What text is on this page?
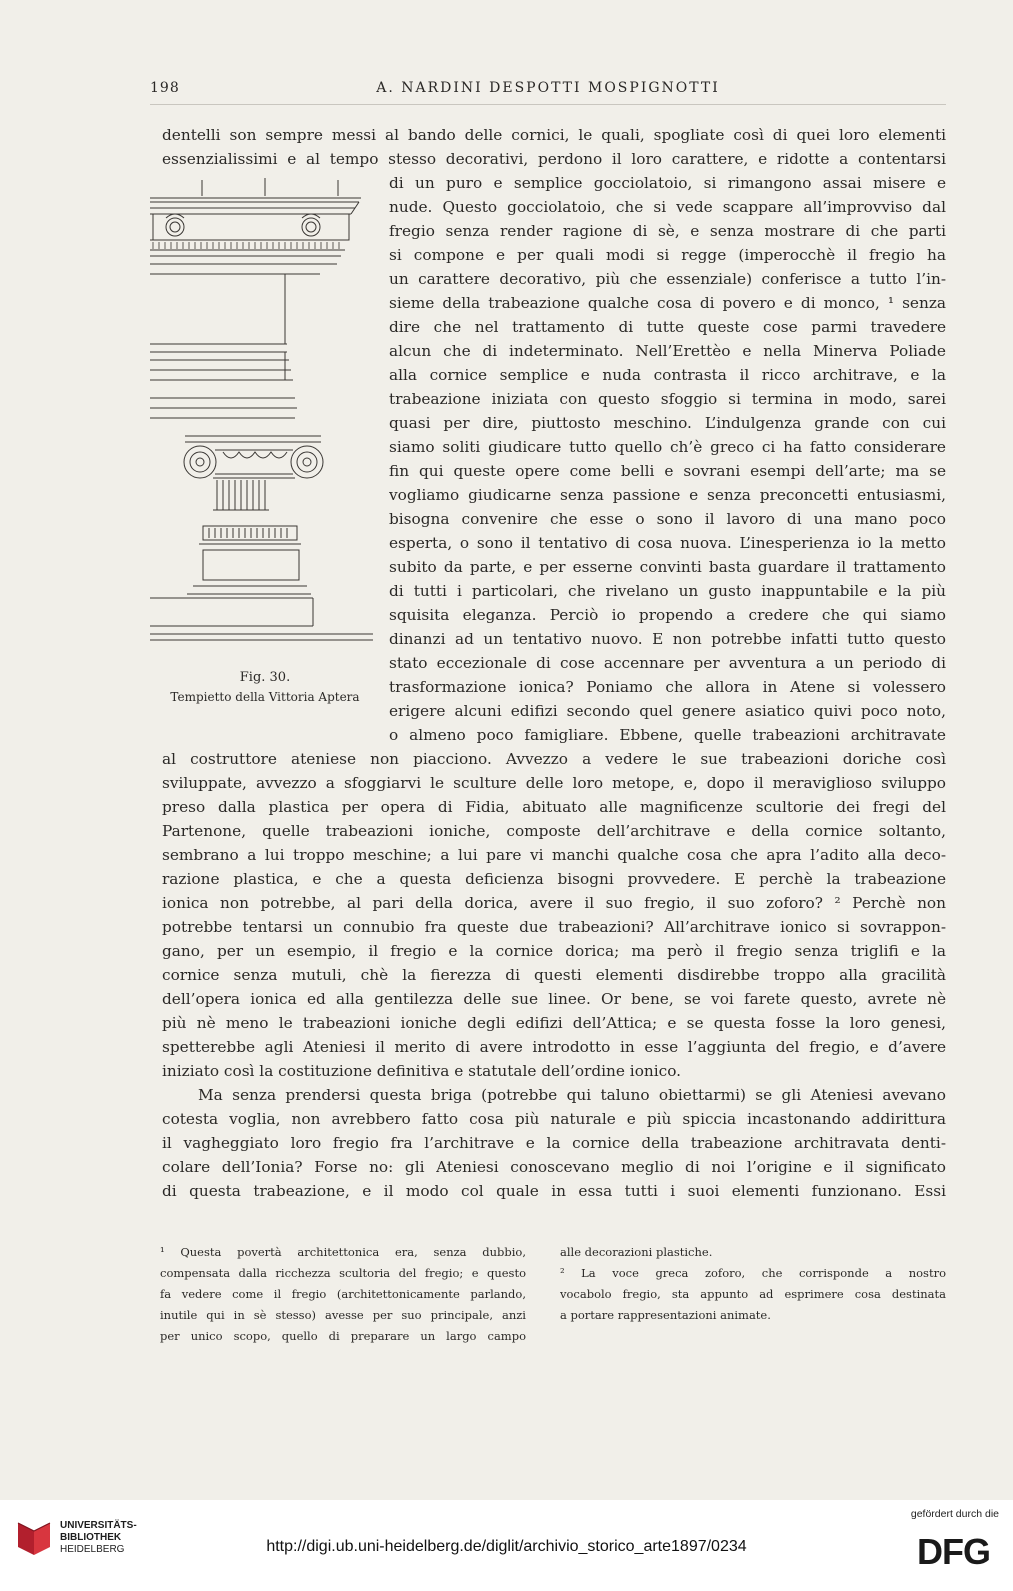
198	A. NARDINI DESPOTTI MOSPIGNOTTI
dentelli son sempre messi al bando delle cornici, le quali, spogliate così di quei loro elementi
essenzialissimi e al tempo stesso decorativi, perdono il loro carattere, e ridotte a contentarsi
di un puro e semplice gocciolatoio, si rimangono assai misere e
nude. Questo gocciolatoio, che si vede scappare all’improvviso dal
fregio senza render ragione di sè, e senza mostrare di che parti
si compone e per quali modi si regge (imperocchè il fregio ha
un carattere decorativo, più che essenziale) conferisce a tutto l’in-
sieme della trabeazione qualche cosa di povero e di monco, ¹ senza
dire che nel trattamento di tutte queste cose parmi travedere
alcun che di indeterminato. Nell’Erettèo e nella Minerva Poliade
alla cornice semplice e nuda contrasta il ricco architrave, e la
trabeazione iniziata con questo sfoggio si termina in modo, sarei
quasi per dire, piuttosto meschino. L’indulgenza grande con cui
siamo soliti giudicare tutto quello ch’è greco ci ha fatto considerare
fin qui queste opere come belli e sovrani esempi dell’arte; ma se
vogliamo giudicarne senza passione e senza preconcetti entusiasmi,
bisogna convenire che esse o sono il lavoro di una mano poco
esperta, o sono il tentativo di cosa nuova. L’inesperienza io la metto
subito da parte, e per esserne convinti basta guardare il trattamento
di tutti i particolari, che rivelano un gusto inappuntabile e la più
squisita eleganza. Perciò io propendo a credere che qui siamo
dinanzi ad un tentativo nuovo. E non potrebbe infatti tutto questo
stato eccezionale di cose accennare per avventura a un periodo di
trasformazione ionica? Poniamo che allora in Atene si volessero
erigere alcuni edifizi secondo quel genere asiatico quivi poco noto,
o almeno poco famigliare. Ebbene, quelle trabeazioni architravate
Fig. 30.
Tempietto della Vittoria Aptera
al costruttore ateniese non piacciono. Avvezzo a vedere le sue trabeazioni doriche così
sviluppate, avvezzo a sfoggiarvi le sculture delle loro metope, e, dopo il meraviglioso sviluppo
preso dalla plastica per opera di Fidia, abituato alle magnificenze scultorie dei fregi del
Partenone, quelle trabeazioni ioniche, composte dell’architrave e della cornice soltanto,
sembrano a lui troppo meschine; a lui pare vi manchi qualche cosa che apra l’adito alla deco-
razione plastica, e che a questa deficienza bisogni provvedere. E perchè la trabeazione
ionica non potrebbe, al pari della dorica, avere il suo fregio, il suo zoforo? ² Perchè non
potrebbe tentarsi un connubio fra queste due trabeazioni? All’architrave ionico si sovrappon-
gano, per un esempio, il fregio e la cornice dorica; ma però il fregio senza triglifi e la
cornice senza mutuli, chè la fierezza di questi elementi disdirebbe troppo alla gracilità
dell’opera ionica ed alla gentilezza delle sue linee. Or bene, se voi farete questo, avrete nè
più nè meno le trabeazioni ioniche degli edifizi dell’Attica; e se questa fosse la loro genesi,
spetterebbe agli Ateniesi il merito di avere introdotto in esse l’aggiunta del fregio, e d’avere
iniziato così la costituzione definitiva e statutale dell’ordine ionico.
Ma senza prendersi questa briga (potrebbe qui taluno obiettarmi) se gli Ateniesi avevano
cotesta voglia, non avrebbero fatto cosa più naturale e più spiccia incastonando addirittura
il vagheggiato loro fregio fra l’architrave e la cornice della trabeazione architravata denti-
colare dell’Ionia? Forse no: gli Ateniesi conoscevano meglio di noi l’origine e il significato
di questa trabeazione, e il modo col quale in essa tutti i suoi elementi funzionano. Essi
¹ Questa povertà architettonica era, senza dubbio,
compensata dalla ricchezza scultoria del fregio; e questo
fa vedere come il fregio (architettonicamente parlando,
inutile qui in sè stesso) avesse per suo principale, anzi
per unico scopo, quello di preparare un largo campo
alle decorazioni plastiche.
² La voce greca zoforo, che corrisponde a nostro
vocabolo fregio, sta appunto ad esprimere cosa destinata
a portare rappresentazioni animate.
UNIVERSITÄTS-
BIBLIOTHEK
HEIDELBERG	http://digi.ub.uni-heidelberg.de/diglit/archivio_storico_arte1897/0234
gefördert durch die
DFG
